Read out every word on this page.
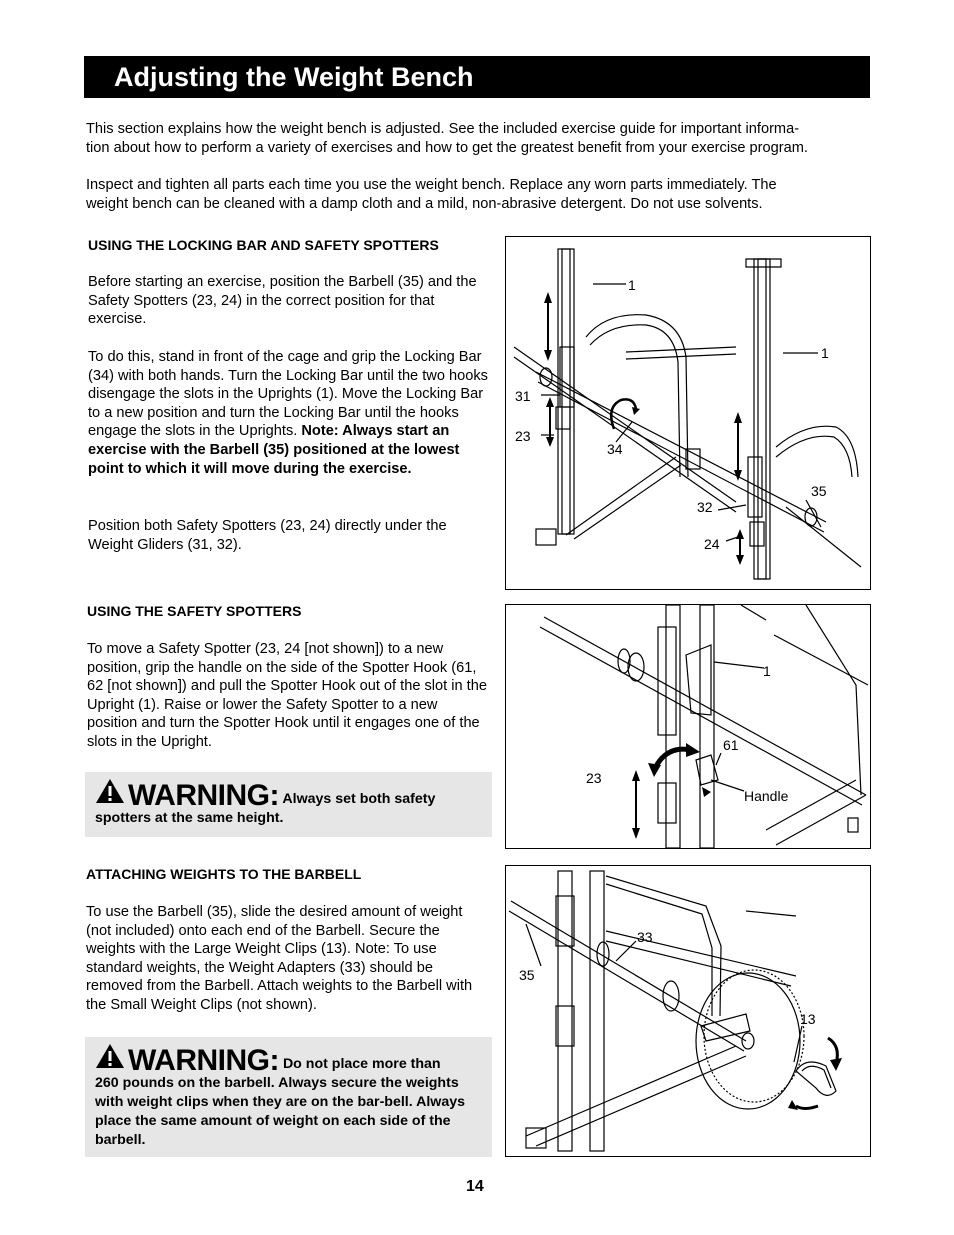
Adjusting the Weight Bench

This section explains how the weight bench is adjusted. See the included exercise guide for important informa-
tion about how to perform a variety of exercises and how to get the greatest benefit from your exercise program.

Inspect and tighten all parts each time you use the weight bench. Replace any worn parts immediately. The
weight bench can be cleaned with a damp cloth and a mild, non-abrasive detergent. Do not use solvents.

USING THE LOCKING BAR AND SAFETY SPOTTERS

Before starting an exercise, position the Barbell (35) and the Safety Spotters (23, 24) in the correct position for that exercise.

To do this, stand in front of the cage and grip the Locking Bar (34) with both hands. Turn the Locking Bar until the two hooks disengage the slots in the Uprights (1). Move the Locking Bar to a new position and turn the Locking Bar until the hooks engage the slots in the Uprights. Note: Always start an exercise with the Barbell (35) positioned at the lowest point to which it will move during the exercise.

Position both Safety Spotters (23, 24) directly under the Weight Gliders (31, 32).

1
1
31
23
34
35
32
24
USING THE SAFETY SPOTTERS

To move a Safety Spotter (23, 24 [not shown]) to a new position, grip the handle on the side of the Spotter Hook (61, 62 [not shown]) and pull the Spotter Hook out of the slot in the Upright (1). Raise or lower the Safety Spotter to a new position and turn the Spotter Hook until it engages one of the slots in the Upright.

WARNING: Always set both safety
spotters at the same height.
1
61
23
Handle
ATTACHING WEIGHTS TO THE BARBELL

To use the Barbell (35), slide the desired amount of weight (not included) onto each end of the Barbell. Secure the weights with the Large Weight Clips (13). Note: To use standard weights, the Weight Adapters (33) should be removed from the Barbell. Attach weights to the Barbell with the Small Weight Clips (not shown).

WARNING: Do not place more than
260 pounds on the barbell. Always secure the weights with weight clips when they are on the bar-bell. Always place the same amount of weight on each side of the barbell.
33
35
13
14
